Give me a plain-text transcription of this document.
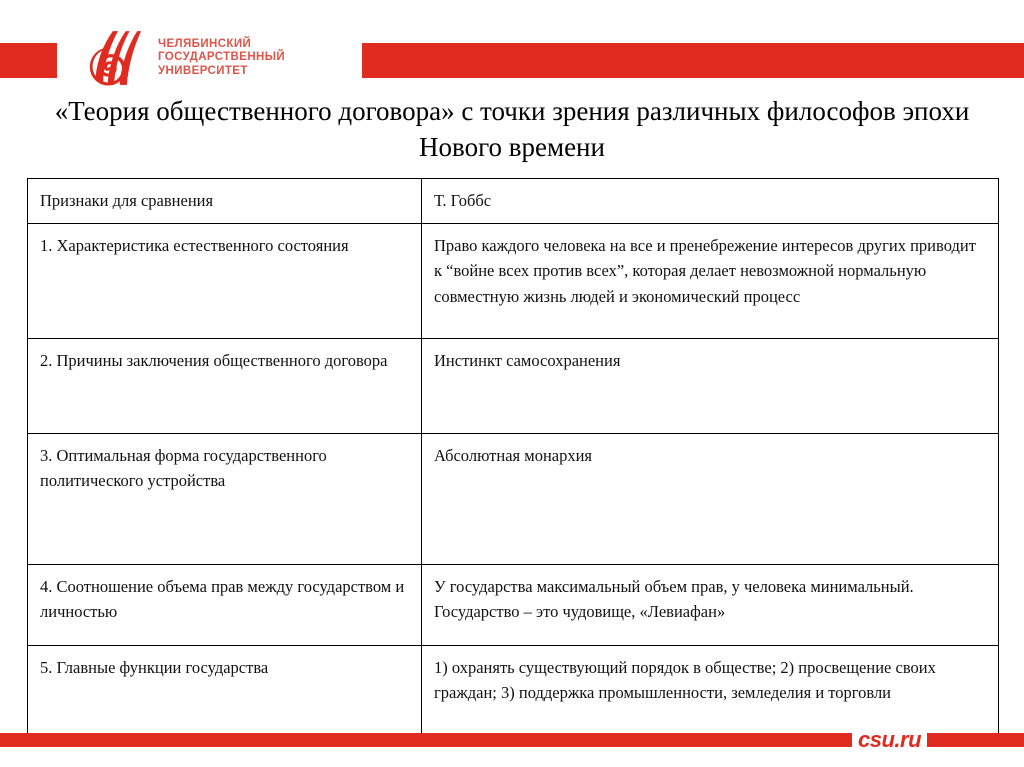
ЧЕЛЯБИНСКИЙ
ГОСУДАРСТВЕННЫЙ
УНИВЕРСИТЕТ
«Теория общественного договора» с точки зрения различных философов эпохи Нового времени
Признаки для сравнения	Т. Гоббс
1. Характеристика естественного состояния	Право каждого человека на все и пренебрежение интересов других приводит к “войне всех против всех”, которая делает невозможной нормальную совместную жизнь людей и экономический процесс
2. Причины заключения общественного договора	Инстинкт самосохранения
3. Оптимальная форма государственного политического устройства	Абсолютная монархия
4. Соотношение объема прав между государством и личностью	У государства максимальный объем прав, у человека минимальный. Государство – это чудовище, «Левиафан»
5. Главные функции государства	1) охранять существующий порядок в обществе; 2) просвещение своих граждан; 3) поддержка промышленности, земледелия и торговли
csu.ru
